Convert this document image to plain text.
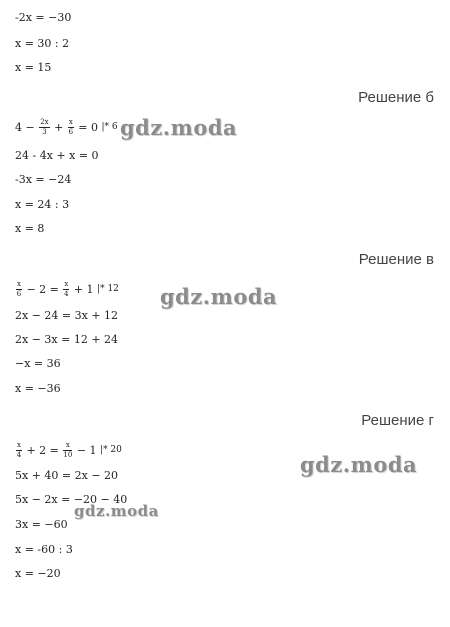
-2x = −30
x = 30 : 2
x = 15
Решение б
$4 - \frac{2x}{3} + \frac{x}{6} = 0$ |* 6
24 - 4x + x = 0
-3x = −24
x = 24 : 3
x = 8
Решение в
$\frac{x}{6} - 2 = \frac{x}{4} + 1$ |* 12
2x − 24 = 3x + 12
2x − 3x = 12 + 24
−x = 36
x = −36
Решение г
$\frac{x}{4} + 2 = \frac{x}{10} - 1$ |* 20
5x + 40 = 2x − 20
5x − 2x = −20 − 40
3x = −60
x = -60 : 3
x = −20
gdz.moda
gdz.moda
gdz.moda
gdz.moda
